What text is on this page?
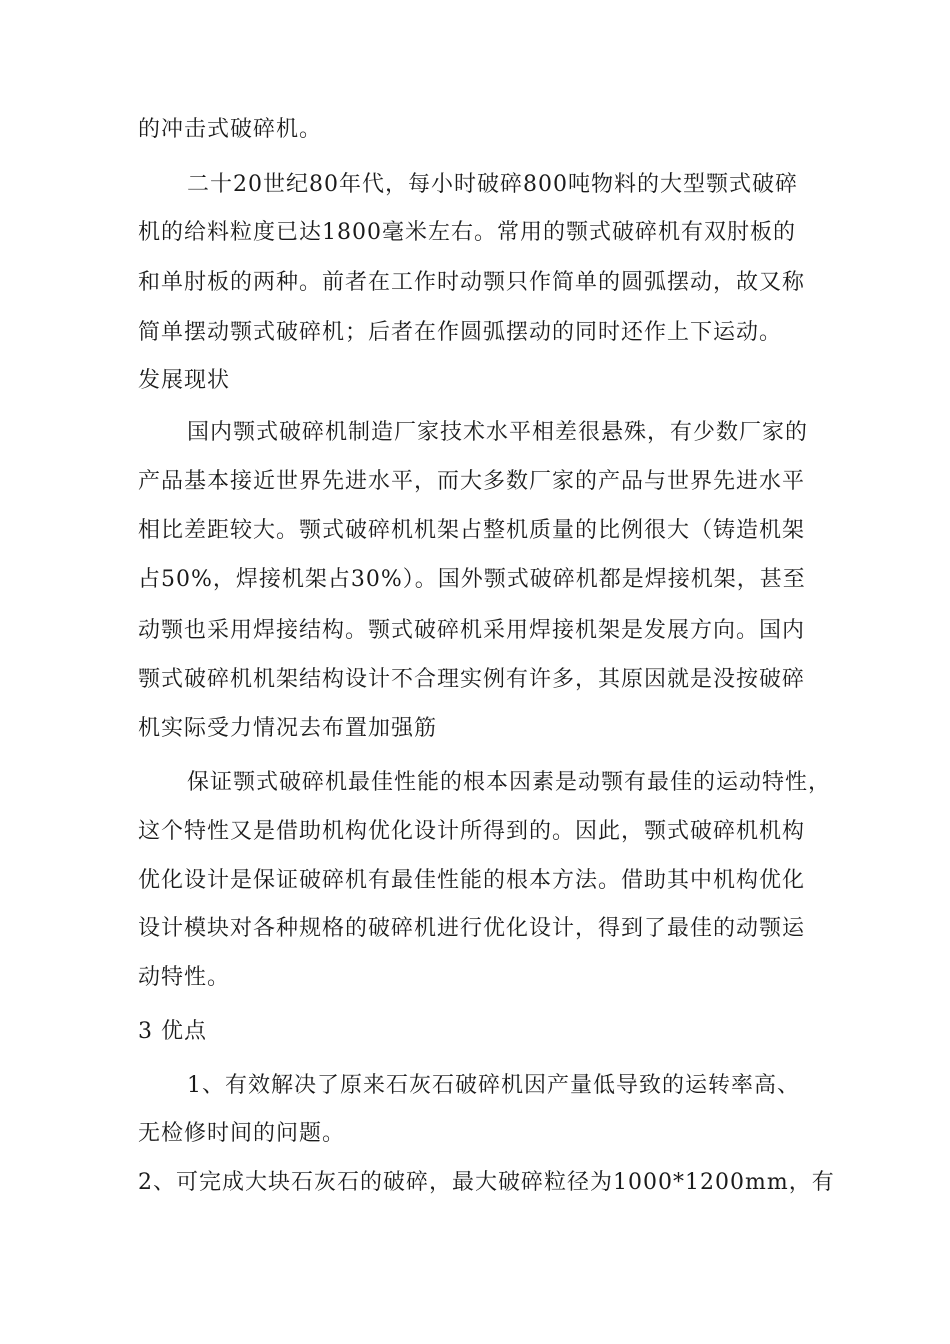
的冲击式破碎机。
二十20世纪80年代，每小时破碎800吨物料的大型颚式破碎
机的给料粒度已达1800毫米左右。常用的颚式破碎机有双肘板的
和单肘板的两种。前者在工作时动颚只作简单的圆弧摆动，故又称
简单摆动颚式破碎机；后者在作圆弧摆动的同时还作上下运动。
发展现状
国内颚式破碎机制造厂家技术水平相差很悬殊，有少数厂家的
产品基本接近世界先进水平，而大多数厂家的产品与世界先进水平
相比差距较大。颚式破碎机机架占整机质量的比例很大（铸造机架
占50%，焊接机架占30%）。国外颚式破碎机都是焊接机架，甚至
动颚也采用焊接结构。颚式破碎机采用焊接机架是发展方向。国内
颚式破碎机机架结构设计不合理实例有许多，其原因就是没按破碎
机实际受力情况去布置加强筋
保证颚式破碎机最佳性能的根本因素是动颚有最佳的运动特性，
这个特性又是借助机构优化设计所得到的。因此，颚式破碎机机构
优化设计是保证破碎机有最佳性能的根本方法。借助其中机构优化
设计模块对各种规格的破碎机进行优化设计，得到了最佳的动颚运
动特性。
3 优点
1、有效解决了原来石灰石破碎机因产量低导致的运转率高、
无检修时间的问题。
2、可完成大块石灰石的破碎，最大破碎粒径为1000*1200mm，有
